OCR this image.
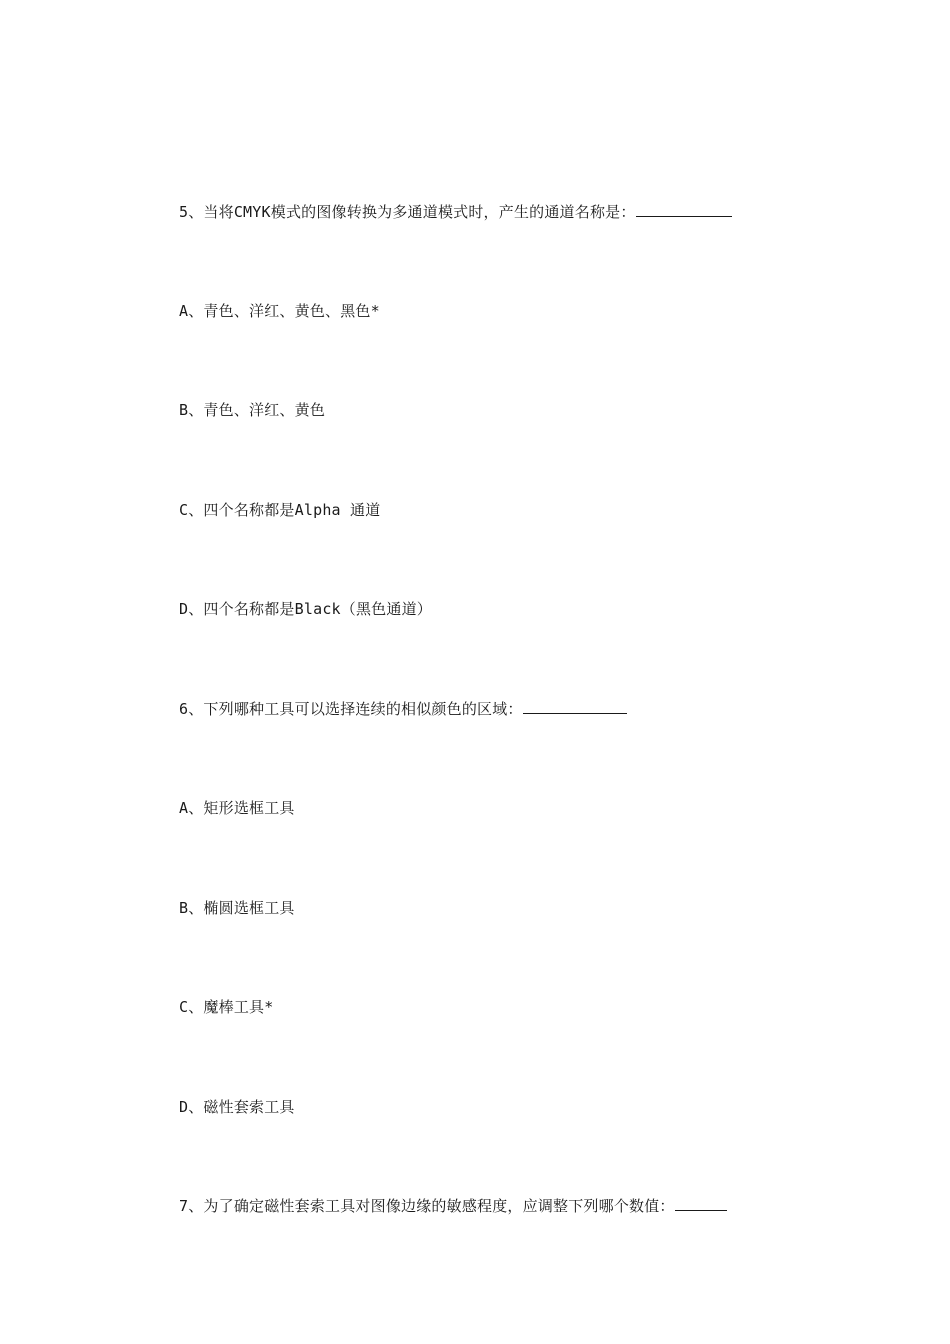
5、当将CMYK模式的图像转换为多通道模式时，产生的通道名称是：
A、青色、洋红、黄色、黑色*
B、青色、洋红、黄色
C、四个名称都是Alpha 通道
D、四个名称都是Black（黑色通道）
6、下列哪种工具可以选择连续的相似颜色的区域：
A、矩形选框工具
B、椭圆选框工具
C、魔棒工具*
D、磁性套索工具
7、为了确定磁性套索工具对图像边缘的敏感程度，应调整下列哪个数值：
